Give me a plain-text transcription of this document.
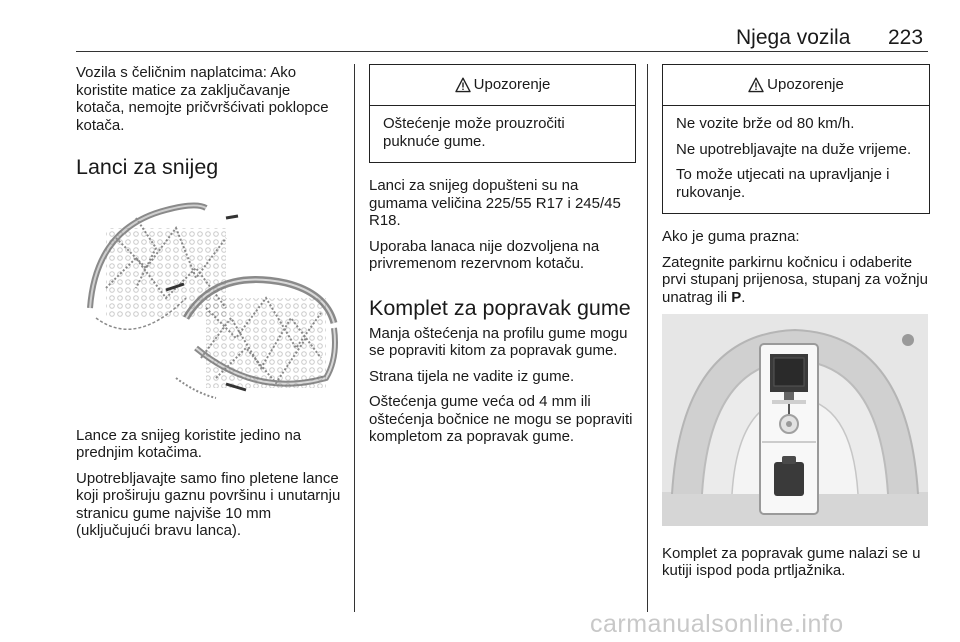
Njega vozila 223

Vozila s čeličnim naplatcima: Ako koristite matice za zaključavanje kotača, nemojte pričvršćivati poklopce kotača.

Lanci za snijeg

Lance za snijeg koristite jedino na prednjim kotačima.

Upotrebljavajte samo fino pletene lance koji proširuju gaznu površinu i unutarnju stranicu gume najviše 10 mm (uključujući bravu lanca).

Upozorenje

Oštećenje može prouzročiti puknuće gume.

Lanci za snijeg dopušteni su na gumama veličina 225/55 R17 i 245/45 R18.

Uporaba lanaca nije dozvoljena na privremenom rezervnom kotaču.

Komplet za popravak gume

Manja oštećenja na profilu gume mogu se popraviti kitom za popravak gume.

Strana tijela ne vadite iz gume.

Oštećenja gume veća od 4 mm ili oštećenja bočnice ne mogu se popraviti kompletom za popravak gume.

Upozorenje

Ne vozite brže od 80 km/h.

Ne upotrebljavajte na duže vrijeme.

To može utjecati na upravljanje i rukovanje.

Ako je guma prazna:

Zategnite parkirnu kočnicu i odaberite prvi stupanj prijenosa, stupanj za vožnju unatrag ili P.

Komplet za popravak gume nalazi se u kutiji ispod poda prtljažnika.

carmanualsonline.info
